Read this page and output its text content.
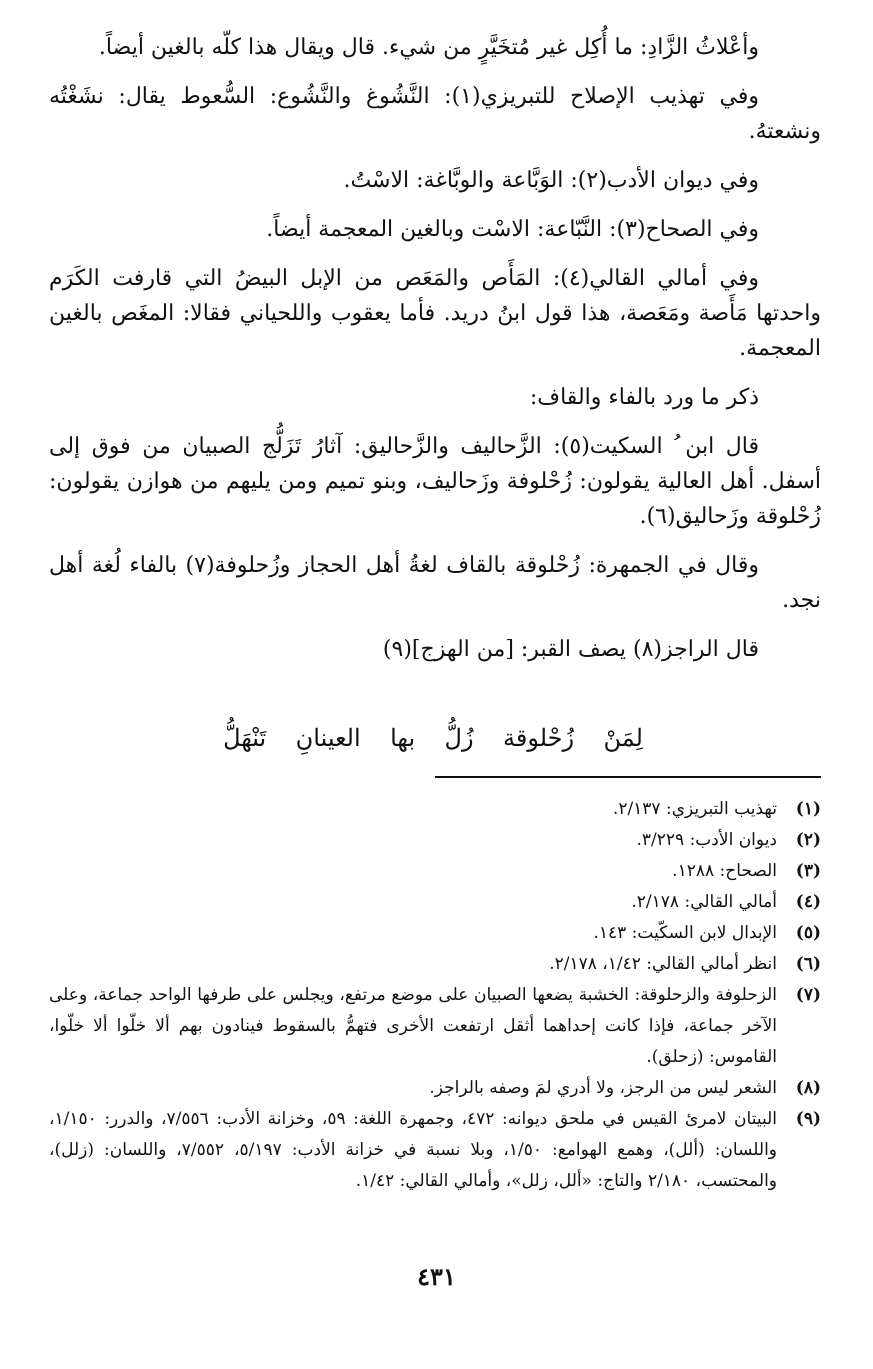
وأعْلاثُ الزَّادِ: ما أُكِل غير مُتخَيَّرٍ من شيء. قال ويقال هذا كلّه بالغين أيضاً.

وفي تهذيب الإصلاح للتبريزي(١): النَّشُوغ والنَّشُوع: السُّعوط يقال: نشَغْتُه ونشعتهُ.

وفي ديوان الأدب(٢): الوَبَّاعة والوبَّاغة: الاسْتُ.

وفي الصحاح(٣): النَّبّاعة: الاسْت وبالغين المعجمة أيضاً.

وفي أمالي القالي(٤): المَأَص والمَعَص من الإبل البيضُ التي قارفت الكَرَم واحدتها مَأَصة ومَعَصة، هذا قول ابنُ دريد. فأما يعقوب واللحياني فقالا: المغَص بالغين المعجمة.

ذكر ما ورد بالفاء والقاف:

قال ابن ُ السكيت(٥): الزَّحاليف والزَّحاليق: آثارُ تَزَلُّج الصبيان من فوق إلى أسفل. أهل العالية يقولون: زُحْلوفة وزَحاليف، وبنو تميم ومن يليهم من هوازن يقولون: زُحْلوقة وزَحاليق(٦).

وقال في الجمهرة: زُحْلوقة بالقاف لغةُ أهل الحجاز وزُحلوفة(٧) بالفاء لُغة أهل نجد.

قال الراجز(٨) يصف القبر: [من الهزج](٩)

لِمَنْ
زُحْلوقة
زُلُّ
بها
العينانِ
تَنْهَلُّ
(١)
تهذيب التبريزي: ٢/١٣٧.
(٢)
ديوان الأدب: ٣/٢٢٩.
(٣)
الصحاح: ١٢٨٨.
(٤)
أمالي القالي: ٢/١٧٨.
(٥)
الإبدال لابن السكّيت: ١٤٣.
(٦)
انظر أمالي القالي: ١/٤٢، ٢/١٧٨.
(٧)
الزحلوفة والزحلوقة: الخشبة يضعها الصبيان على موضع مرتفع، ويجلس على طرفها الواحد جماعة، وعلى الآخر جماعة، فإذا كانت إحداهما أثقل ارتفعت الأخرى فتهمُّ بالسقوط فينادون بهم ألا خلّوا ألا خلّوا، القاموس: (زحلق).
(٨)
الشعر ليس من الرجز، ولا أدري لمَ وصفه بالراجز.
(٩)
البيتان لامرئ القيس في ملحق ديوانه: ٤٧٢، وجمهرة اللغة: ٥٩، وخزانة الأدب: ٧/٥٥٦، والدرر: ١/١٥٠، واللسان: (ألل)، وهمع الهوامع: ١/٥٠، وبلا نسبة في خزانة الأدب: ٥/١٩٧، ٧/٥٥٢، واللسان: (زلل)، والمحتسب، ٢/١٨٠ والتاج: «ألل، زلل»، وأمالي القالي: ١/٤٢.
٤٣١
